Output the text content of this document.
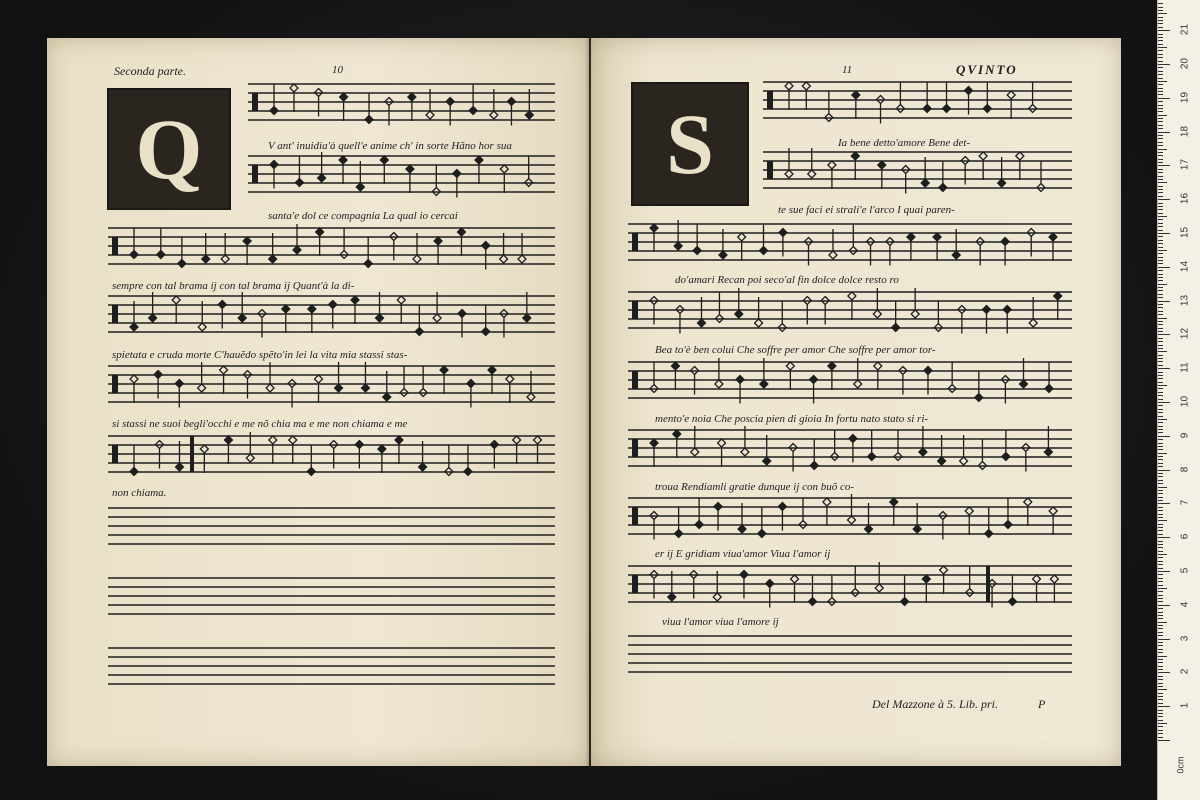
Seconda parte.	10
Q	V ant' inuidia'à quell'e anime ch' in sorte Hãno hor sua
santa'e dol ce compagnia La qual io cercai
sempre con tal brama ij con tal brama ij Quant'à la di-
spietata e cruda morte C'hauẽdo spẽto'in lei la vita mia stassi stas-
si stassi ne suoi begli'occhi e me nõ chia ma e me non chiama e me
non chiama.
11	QVINTO
S	Ia bene detto'amore Bene det-
te sue faci ei strali'e l'arco I quai paren-
do'amari Recan poi seco'al fin dolce dolce resto ro
Bea to'è ben colui Che soffre per amor Che soffre per amor tor-
mento'e noia Che poscia pien di gioia In fortu nato stato si ri-
troua Rendiamli gratie dunque ij con buõ co-
er ij E gridiam viua'amor Viua l'amor ij
viua l'amor viua l'amore ij
Del Mazzone à 5. Lib. pri.	P	1
2
3
4
5
6
7
8
9
10
11
12
13
14
15
16
17
18
19
20
21
0cm
